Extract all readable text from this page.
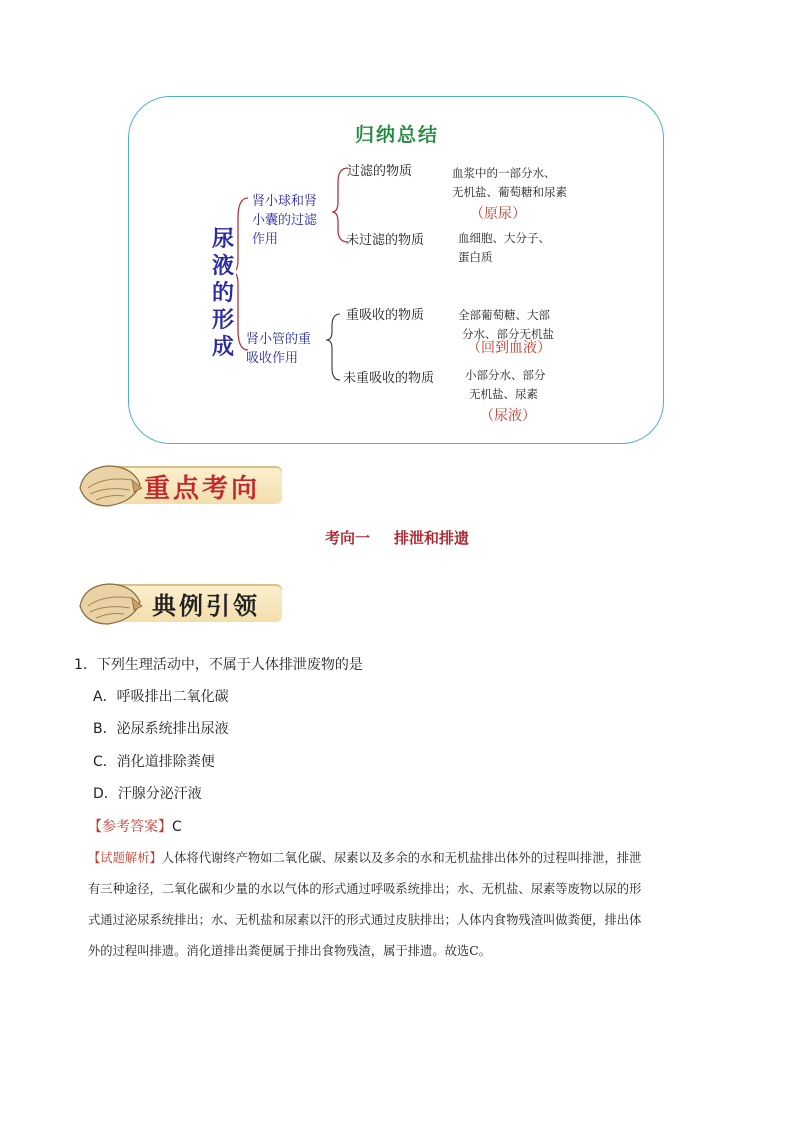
归纳总结
尿
液
的
形
成
肾小球和肾
小囊的过滤
作用
肾小管的重
吸收作用
过滤的物质	血浆中的一部分水、
无机盐、葡萄糖和尿素
（原尿）
未过滤的物质	血细胞、大分子、
蛋白质
重吸收的物质	全部葡萄糖、大部
分水、部分无机盐
（回到血液）
未重吸收的物质	小部分水、部分
无机盐、尿素
（尿液）
重点考向
考向一 排泄和排遗
典例引领
1．下列生理活动中，不属于人体排泄废物的是
A．呼吸排出二氧化碳
B．泌尿系统排出尿液
C．消化道排除粪便
D．汗腺分泌汗液
【参考答案】C
【试题解析】人体将代谢终产物如二氧化碳、尿素以及多余的水和无机盐排出体外的过程叫排泄，排泄
有三种途径，二氧化碳和少量的水以气体的形式通过呼吸系统排出；水、无机盐、尿素等废物以尿的形
式通过泌尿系统排出；水、无机盐和尿素以汗的形式通过皮肤排出；人体内食物残渣叫做粪便，排出体
外的过程叫排遗。消化道排出粪便属于排出食物残渣，属于排遗。故选C。
